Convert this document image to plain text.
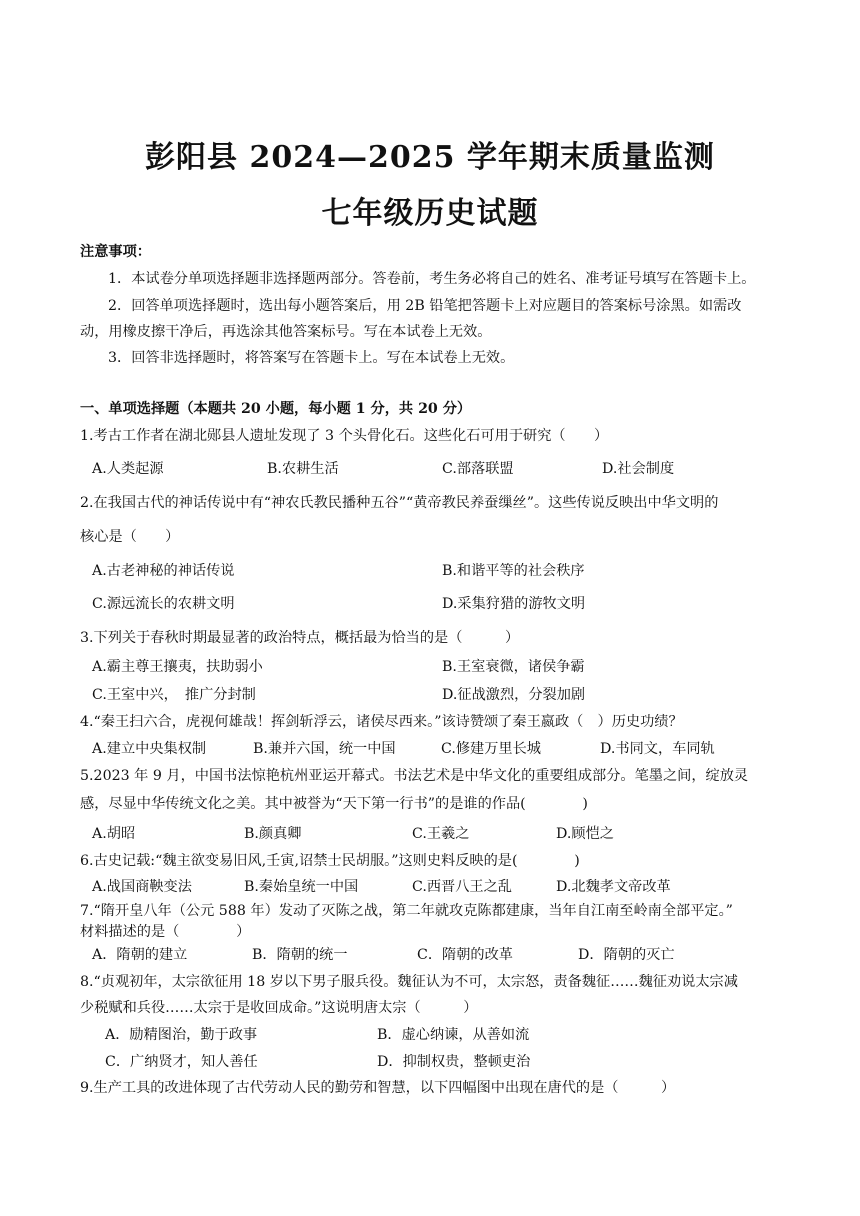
彭阳县 2024—2025 学年期末质量监测
七年级历史试题
注意事项：
1．本试卷分单项选择题非选择题两部分。答卷前，考生务必将自己的姓名、准考证号填写在答题卡上。
2．回答单项选择题时，选出每小题答案后，用 2B 铅笔把答题卡上对应题目的答案标号涂黑。如需改
动，用橡皮擦干净后，再选涂其他答案标号。写在本试卷上无效。
3．回答非选择题时，将答案写在答题卡上。写在本试卷上无效。
一、单项选择题（本题共 20 小题，每小题 1 分，共 20 分）
1.考古工作者在湖北郧县人遗址发现了 3 个头骨化石。这些化石可用于研究（　　）
A.人类起源	B.农耕生活	C.部落联盟	D.社会制度
2.在我国古代的神话传说中有“神农氏教民播种五谷”“黄帝教民养蚕缫丝”。这些传说反映出中华文明的
核心是（　　）
A.古老神秘的神话传说	B.和谐平等的社会秩序
C.源远流长的农耕文明	D.采集狩猎的游牧文明
3.下列关于春秋时期最显著的政治特点，概括最为恰当的是（　　　）
A.霸主尊王攘夷，扶助弱小	B.王室衰微，诸侯争霸
C.王室中兴，　推广分封制	D.征战激烈，分裂加剧
4.“秦王扫六合，虎视何雄哉！挥剑斩浮云，诸侯尽西来。”该诗赞颂了秦王嬴政（　）历史功绩？
A.建立中央集权制	B.兼并六国，统一中国	C.修建万里长城	D.书同文，车同轨
5.2023 年 9 月，中国书法惊艳杭州亚运开幕式。书法艺术是中华文化的重要组成部分。笔墨之间，绽放灵
感，尽显中华传统文化之美。其中被誉为“天下第一行书”的是谁的作品(　　　　)
A.胡昭	B.颜真卿	C.王羲之	D.顾恺之
6.古史记载:“魏主欲变易旧风,壬寅,诏禁士民胡服。”这则史料反映的是(　　　　)
A.战国商鞅变法	B.秦始皇统一中国	C.西晋八王之乱	D.北魏孝文帝改革
7.“隋开皇八年（公元 588 年）发动了灭陈之战，第二年就攻克陈都建康，当年自江南至岭南全部平定。”
材料描述的是（　　　　）
A．隋朝的建立	B．隋朝的统一	C．隋朝的改革	D．隋朝的灭亡
8.“贞观初年，太宗欲征用 18 岁以下男子服兵役。魏征认为不可，太宗怒，责备魏征……魏征劝说太宗减
少税赋和兵役……太宗于是收回成命。”这说明唐太宗（　　　）
A．励精图治，勤于政事	B．虚心纳谏，从善如流
C．广纳贤才，知人善任	D．抑制权贵，整顿吏治
9.生产工具的改进体现了古代劳动人民的勤劳和智慧，以下四幅图中出现在唐代的是（　　　）
